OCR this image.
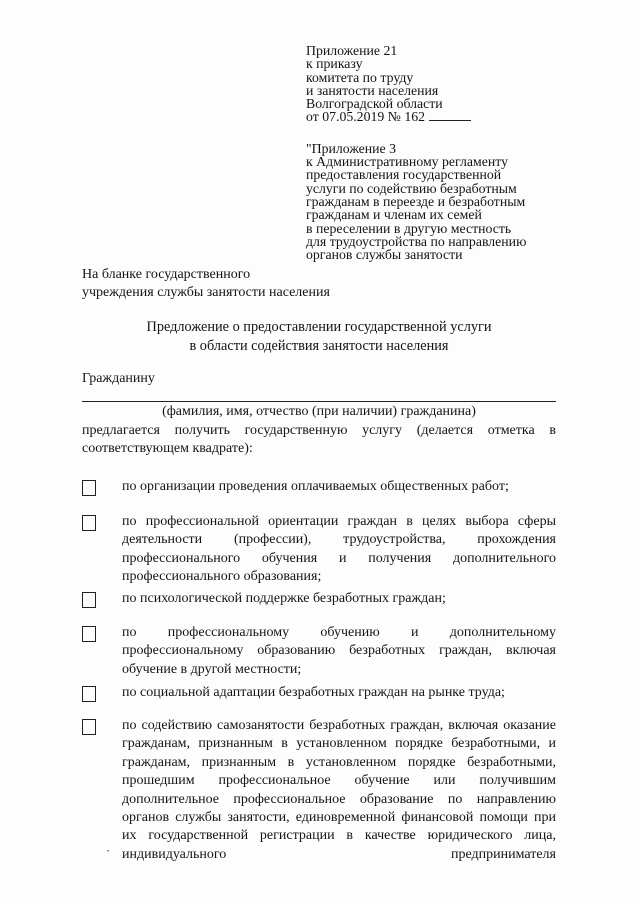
Приложение 21
к приказу
комитета по труду
и занятости населения
Волгоградской области
от 07.05.2019 № 162
"Приложение 3
к Административному регламенту
предоставления государственной
услуги по содействию безработным
гражданам в переезде и безработным
гражданам и членам их семей
в переселении в другую местность
для трудоустройства по направлению
органов службы занятости
На бланке государственного
учреждения службы занятости населения
Предложение о предоставлении государственной услуги
в области содействия занятости населения
Гражданину
(фамилия, имя, отчество (при наличии) гражданина)
предлагается получить государственную услугу (делается отметка в соответствующем квадрате):
по организации проведения оплачиваемых общественных работ;
по профессиональной ориентации граждан в целях выбора сферы деятельности (профессии), трудоустройства, прохождения профессионального обучения и получения дополнительного профессионального образования;
по психологической поддержке безработных граждан;
по профессиональному обучению и дополнительному профессиональному образованию безработных граждан, включая обучение в другой местности;
по социальной адаптации безработных граждан на рынке труда;
по содействию самозанятости безработных граждан, включая оказание гражданам, признанным в установленном порядке безработными, и гражданам, признанным в установленном порядке безработными, прошедшим профессиональное обучение или получившим дополнительное профессиональное образование по направлению органов службы занятости, единовременной финансовой помощи при их государственной регистрации в качестве юридического лица, индивидуального предпринимателя
·
